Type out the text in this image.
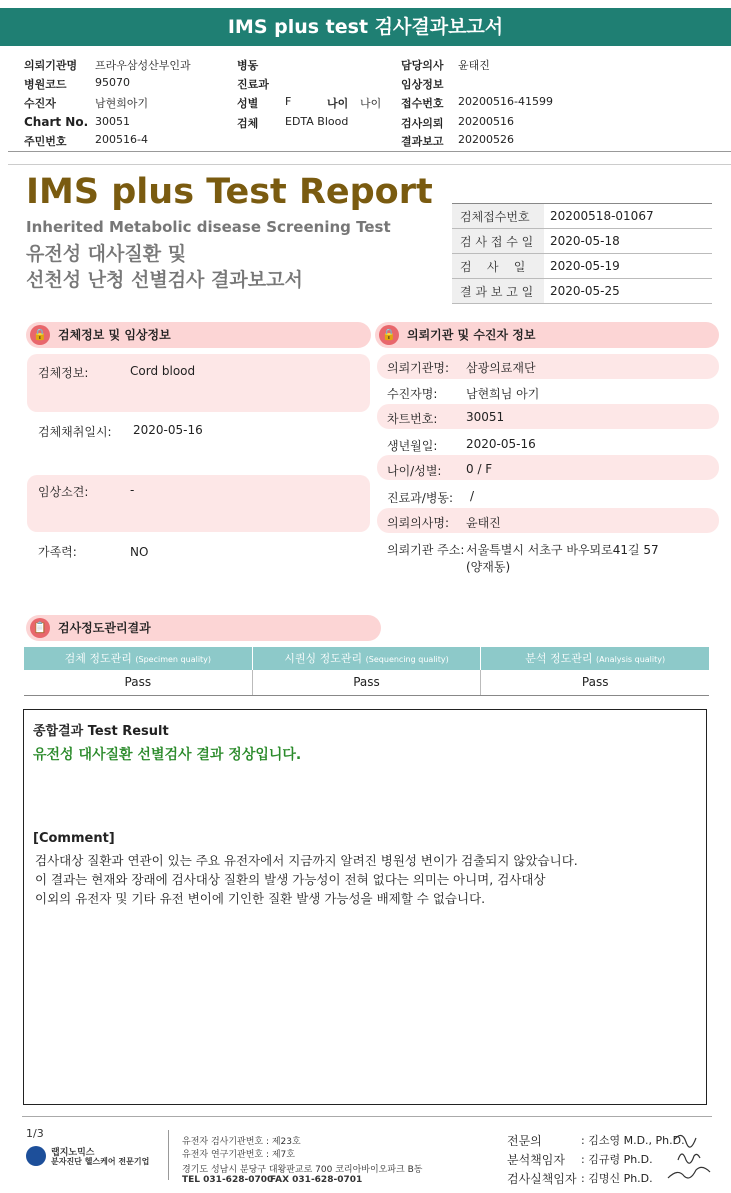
IMS plus test 검사결과보고서
의뢰기관명 프라우삼성산부인과
병원코드	95070
수진자	남현희아기
Chart No. 30051
주민번호	200516-4
병동
진료과
성별 F	나이 나이
검체 EDTA Blood
담당의사 윤태진
임상정보
접수번호 20200516-41599
검사의뢰 20200516
결과보고 20200526
IMS plus Test Report
Inherited Metabolic disease Screening Test
유전성 대사질환 및
선천성 난청 선별검사 결과보고서
검체접수번호	20200518-01067
검 사 접 수 일	2020-05-18
검    사    일	2020-05-19
결 과 보 고 일	2020-05-25
🔒 검체정보 및 임상정보
검체정보:	Cord blood
검체채취일시: 2020-05-16
임상소견:	-
가족력:	NO
🔒 의뢰기관 및 수진자 정보
의뢰기관명: 삼광의료재단
수진자명: 남현희님 아기
차트번호: 30051
생년월일: 2020-05-16
나이/성별: 0 / F
진료과/병동: /
의뢰의사명: 윤태진
의뢰기관 주소: 서울특별시 서초구 바우뫼로41길 57
(양재동)
📋 검사정도관리결과
검체 정도관리 (Specimen quality)	시퀀싱 정도관리 (Sequencing quality)	분석 정도관리 (Analysis quality)
Pass	Pass	Pass
종합결과 Test Result
유전성 대사질환 선별검사 결과 정상입니다.
[Comment]
검사대상 질환과 연관이 있는 주요 유전자에서 지금까지 알려진 병원성 변이가 검출되지 않았습니다.
이 결과는 현재와 장래에 검사대상 질환의 발생 가능성이 전혀 없다는 의미는 아니며, 검사대상
이외의 유전자 및 기타 유전 변이에 기인한 질환 발생 가능성을 배제할 수 없습니다.
1/3
랩지노믹스
분자진단 헬스케어 전문기업
유전자 검사기관번호 : 제23호
유전자 연구기관번호 : 제7호
경기도 성남시 분당구 대왕판교로 700 코리아바이오파크 B동
TEL 031-628-0700
FAX 031-628-0701
전문의	: 김소영 M.D., Ph.D.
분석책임자 : 김규령 Ph.D.
검사실책임자 : 김명신 Ph.D.
